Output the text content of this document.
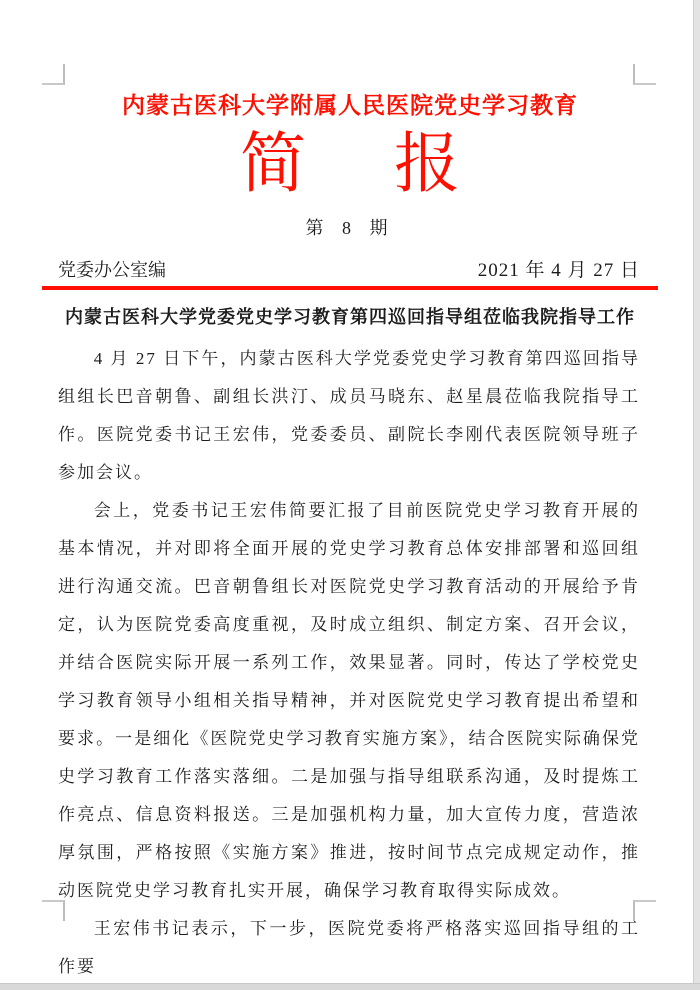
内蒙古医科大学附属人民医院党史学习教育
简 报
第 8 期
党委办公室编	2021 年 4 月 27 日
内蒙古医科大学党委党史学习教育第四巡回指导组莅临我院指导工作

4 月 27 日下午，内蒙古医科大学党委党史学习教育第四巡回指导组组长巴音朝鲁、副组长洪汀、成员马晓东、赵星晨莅临我院指导工作。医院党委书记王宏伟，党委委员、副院长李刚代表医院领导班子参加会议。

会上，党委书记王宏伟简要汇报了目前医院党史学习教育开展的基本情况，并对即将全面开展的党史学习教育总体安排部署和巡回组进行沟通交流。巴音朝鲁组长对医院党史学习教育活动的开展给予肯定，认为医院党委高度重视，及时成立组织、制定方案、召开会议，并结合医院实际开展一系列工作，效果显著。同时，传达了学校党史学习教育领导小组相关指导精神，并对医院党史学习教育提出希望和要求。一是细化《医院党史学习教育实施方案》，结合医院实际确保党史学习教育工作落实落细。二是加强与指导组联系沟通，及时提炼工作亮点、信息资料报送。三是加强机构力量，加大宣传力度，营造浓厚氛围，严格按照《实施方案》推进，按时间节点完成规定动作，推动医院党史学习教育扎实开展，确保学习教育取得实际成效。

王宏伟书记表示，下一步，医院党委将严格落实巡回指导组的工作要
